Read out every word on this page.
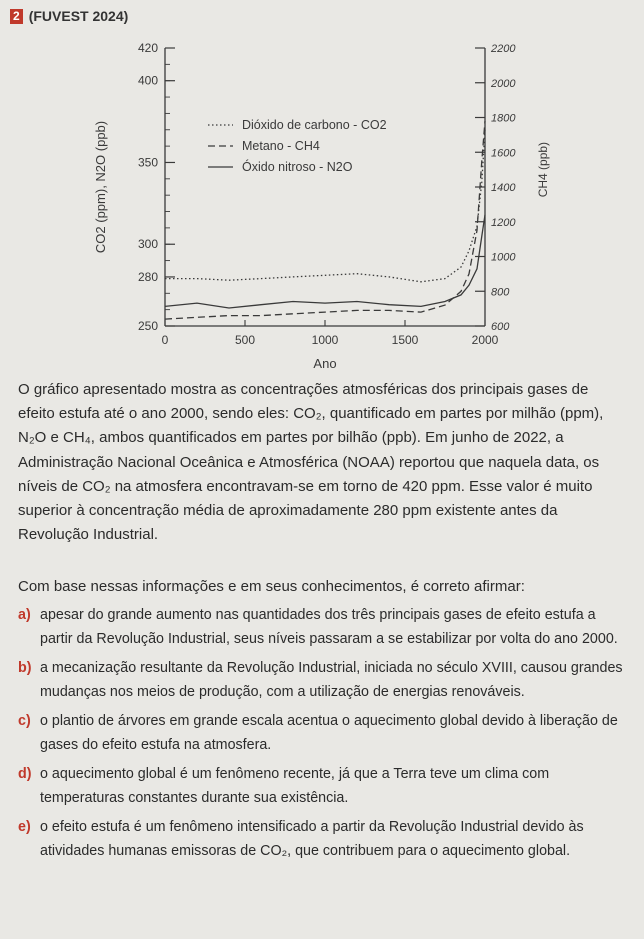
2 (FUVEST 2024)
250
280
300
350
400
420
600
800
1000
1200
1400
1600
1800
2000
2200
0	500	1000	1500	2000
Ano
CO2 (ppm), N2O (ppb)	CH4 (ppb)
Dióxido de carbono - CO2
Metano - CH4
Óxido nitroso - N2O

O gráfico apresentado mostra as concentrações atmosféricas dos principais gases de efeito estufa até o ano 2000, sendo eles: CO₂, quantificado em partes por milhão (ppm), N₂O e CH₄, ambos quantificados em partes por bilhão (ppb). Em junho de 2022, a Administração Nacional Oceânica e Atmosférica (NOAA) reportou que naquela data, os níveis de CO₂ na atmosfera encontravam-se em torno de 420 ppm. Esse valor é muito superior à concentração média de aproximadamente 280 ppm existente antes da Revolução Industrial.

Com base nessas informações e em seus conhecimentos, é correto afirmar:
a) apesar do grande aumento nas quantidades dos três principais gases de efeito estufa a partir da Revolução Industrial, seus níveis passaram a se estabilizar por volta do ano 2000.
b) a mecanização resultante da Revolução Industrial, iniciada no século XVIII, causou grandes mudanças nos meios de produção, com a utilização de energias renováveis.
c) o plantio de árvores em grande escala acentua o aquecimento global devido à liberação de gases do efeito estufa na atmosfera.
d) o aquecimento global é um fenômeno recente, já que a Terra teve um clima com temperaturas constantes durante sua existência.
e) o efeito estufa é um fenômeno intensificado a partir da Revolução Industrial devido às atividades humanas emissoras de CO₂, que contribuem para o aquecimento global.
